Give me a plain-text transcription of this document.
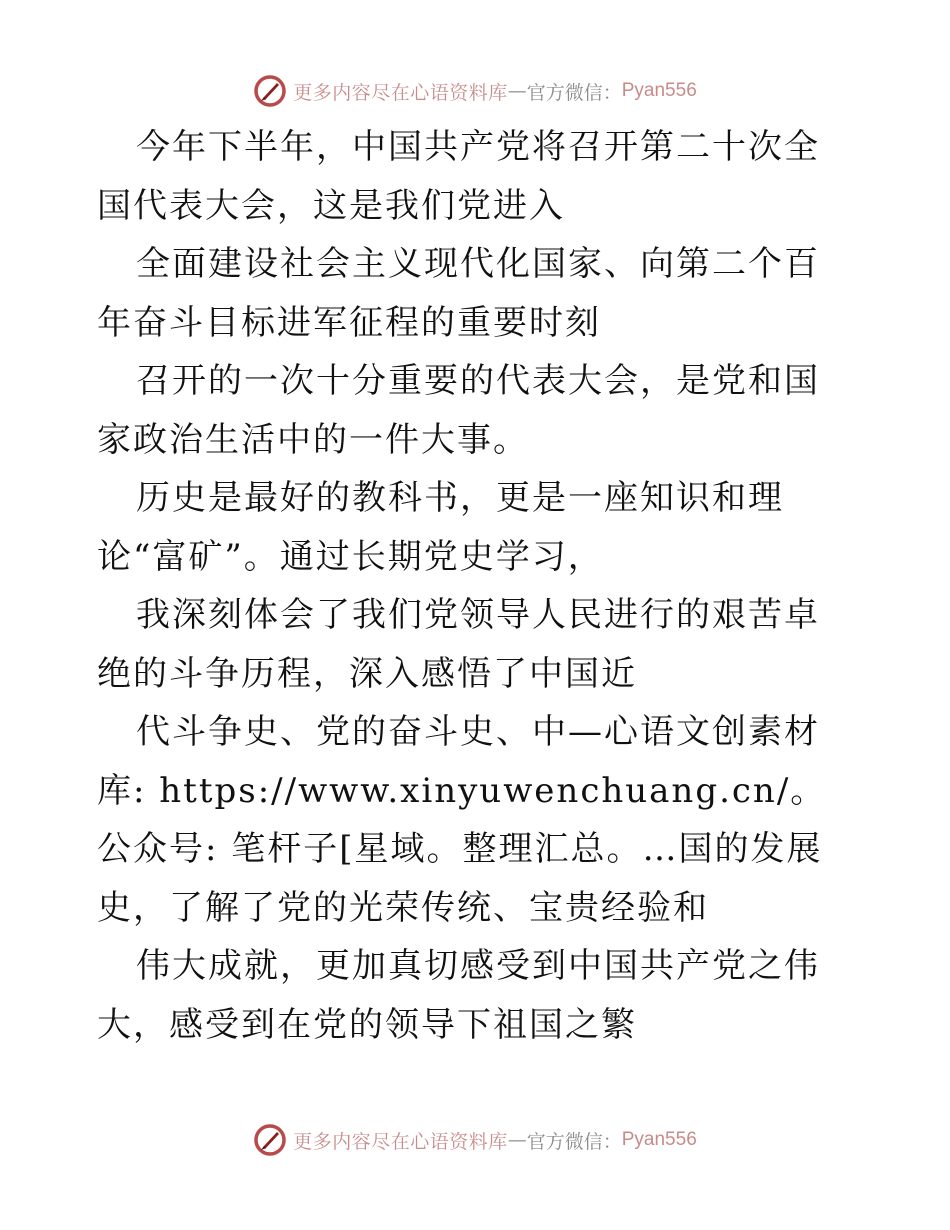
更多内容尽在心语资料库 — 官方微信： Pyan556

今年下半年，中国共产党将召开第二十次全国代表大会，这是我们党进入

全面建设社会主义现代化国家、向第二个百年奋斗目标进军征程的重要时刻

召开的一次十分重要的代表大会，是党和国家政治生活中的一件大事。

历史是最好的教科书，更是一座知识和理论“富矿”。通过长期党史学习，

我深刻体会了我们党领导人民进行的艰苦卓绝的斗争历程，深入感悟了中国近

代斗争史、党的奋斗史、中—心语文创素材库: https://www.xinyuwenchuang.cn/。公众号: 笔杆子[星域。整理汇总。…国的发展史，了解了党的光荣传统、宝贵经验和

伟大成就，更加真切感受到中国共产党之伟大，感受到在党的领导下祖国之繁

更多内容尽在心语资料库 — 官方微信： Pyan556
